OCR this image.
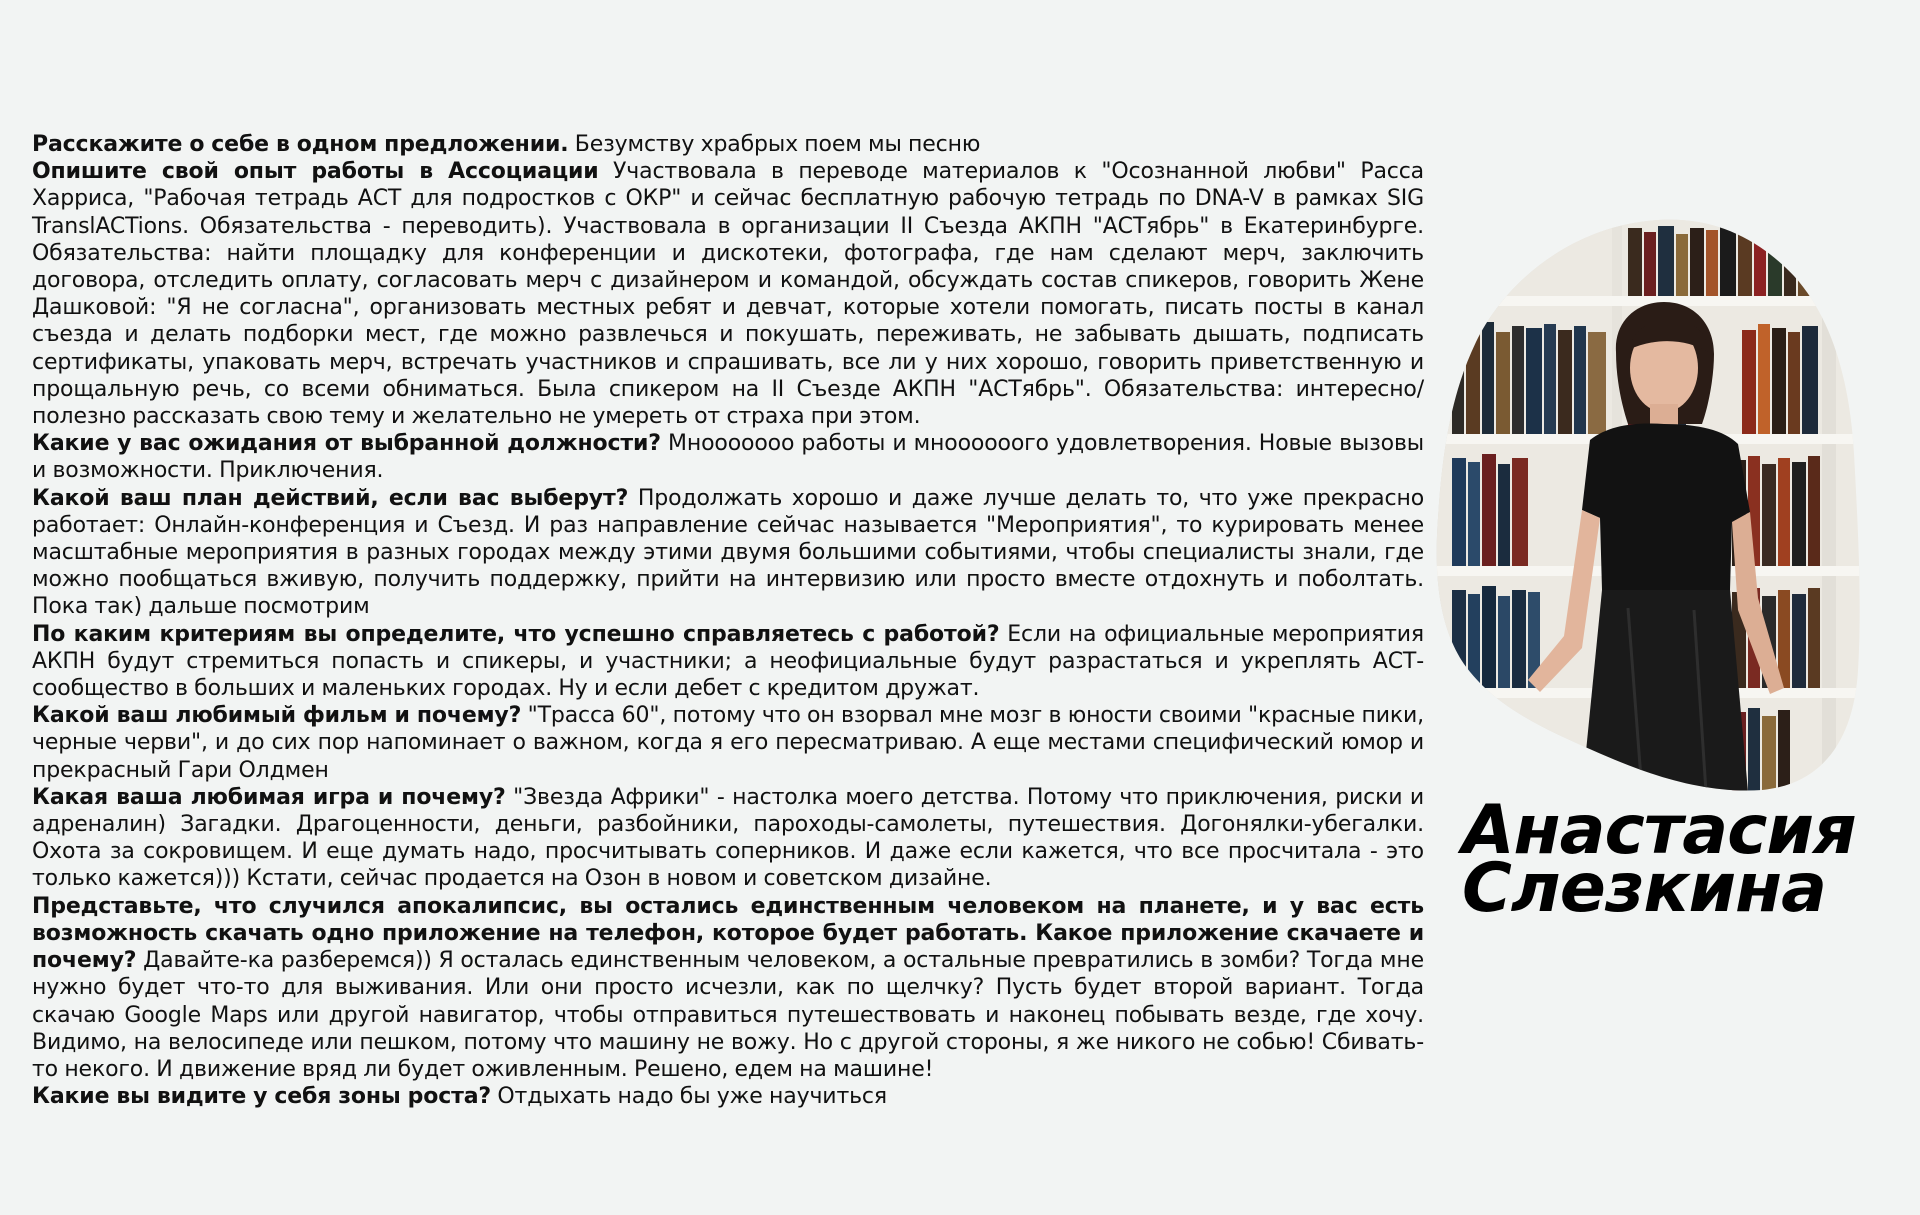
Расскажите о себе в одном предложении. Безумству храбрых поем мы песню

Опишите свой опыт работы в Ассоциации Участвовала в переводе материалов к "Осознанной любви" Расса Харриса, "Рабочая тетрадь АСТ для подростков с ОКР" и сейчас бесплатную рабочую тетрадь по DNA-V в рамках SIG TranslACTions. Обязательства - переводить). Участвовала в организации II Съезда АКПН "АСТябрь" в Екатеринбурге. Обязательства: найти площадку для конференции и дискотеки, фотографа, где нам сделают мерч, заключить договора, отследить оплату, согласовать мерч с дизайнером и командой, обсуждать состав спикеров, говорить Жене Дашковой: "Я не согласна", организовать местных ребят и девчат, которые хотели помогать, писать посты в канал съезда и делать подборки мест, где можно развлечься и покушать, переживать, не забывать дышать, подписать сертификаты, упаковать мерч, встречать участников и спрашивать, все ли у них хорошо, говорить приветственную и прощальную речь, со всеми обниматься. Была спикером на II Съезде АКПН "АСТябрь". Обязательства: интересно/полезно рассказать свою тему и желательно не умереть от страха при этом.

Какие у вас ожидания от выбранной должности? Мнооооооо работы и мноооооого удовлетворения. Новые вызовы и возможности. Приключения.

Какой ваш план действий, если вас выберут? Продолжать хорошо и даже лучше делать то, что уже прекрасно работает: Онлайн-конференция и Съезд. И раз направление сейчас называется "Мероприятия", то курировать менее масштабные мероприятия в разных городах между этими двумя большими событиями, чтобы специалисты знали, где можно пообщаться вживую, получить поддержку, прийти на интервизию или просто вместе отдохнуть и поболтать. Пока так) дальше посмотрим

По каким критериям вы определите, что успешно справляетесь с работой? Если на официальные мероприятия АКПН будут стремиться попасть и спикеры, и участники; а неофициальные будут разрастаться и укреплять АСТ-сообщество в больших и маленьких городах. Ну и если дебет с кредитом дружат.

Какой ваш любимый фильм и почему? "Трасса 60", потому что он взорвал мне мозг в юности своими "красные пики, черные черви", и до сих пор напоминает о важном, когда я его пересматриваю. А еще местами специфический юмор и прекрасный Гари Олдмен

Какая ваша любимая игра и почему? "Звезда Африки" - настолка моего детства. Потому что приключения, риски и адреналин) Загадки. Драгоценности, деньги, разбойники, пароходы-самолеты, путешествия. Догонялки-убегалки. Охота за сокровищем. И еще думать надо, просчитывать соперников. И даже если кажется, что все просчитала - это только кажется))) Кстати, сейчас продается на Озон в новом и советском дизайне.

Представьте, что случился апокалипсис, вы остались единственным человеком на планете, и у вас есть возможность скачать одно приложение на телефон, которое будет работать. Какое приложение скачаете и почему? Давайте-ка разберемся)) Я осталась единственным человеком, а остальные превратились в зомби? Тогда мне нужно будет что-то для выживания. Или они просто исчезли, как по щелчку? Пусть будет второй вариант. Тогда скачаю Google Maps или другой навигатор, чтобы отправиться путешествовать и наконец побывать везде, где хочу. Видимо, на велосипеде или пешком, потому что машину не вожу. Но с другой стороны, я же никого не собью! Сбивать-то некого. И движение вряд ли будет оживленным. Решено, едем на машине!

Какие вы видите у себя зоны роста? Отдыхать надо бы уже научиться

Анастасия
Слезкина
